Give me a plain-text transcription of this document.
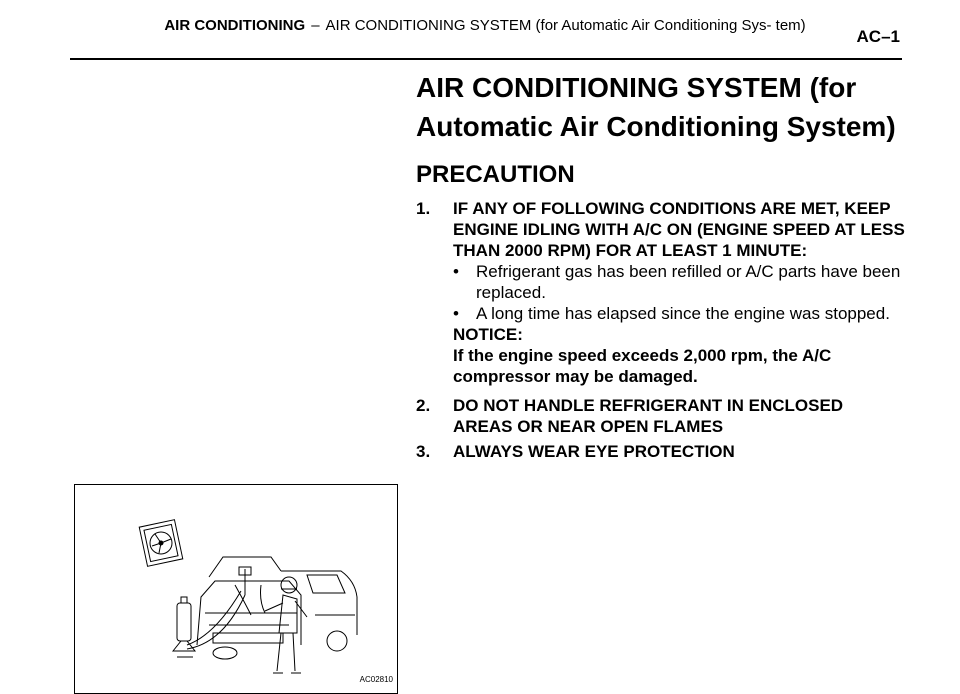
AIR CONDITIONING – AIR CONDITIONING SYSTEM (for Automatic Air Conditioning Sys- tem)
AC–1
AIR CONDITIONING SYSTEM (for Automatic Air Conditioning System)
PRECAUTION
1. IF ANY OF FOLLOWING CONDITIONS ARE MET, KEEP ENGINE IDLING WITH A/C ON (ENGINE SPEED AT LESS THAN 2000 RPM) FOR AT LEAST 1 MINUTE:
• Refrigerant gas has been refilled or A/C parts have been replaced.
• A long time has elapsed since the engine was stopped.
NOTICE:
If the engine speed exceeds 2,000 rpm, the A/C compressor may be damaged.
2. DO NOT HANDLE REFRIGERANT IN ENCLOSED AREAS OR NEAR OPEN FLAMES
3. ALWAYS WEAR EYE PROTECTION
AC02810
